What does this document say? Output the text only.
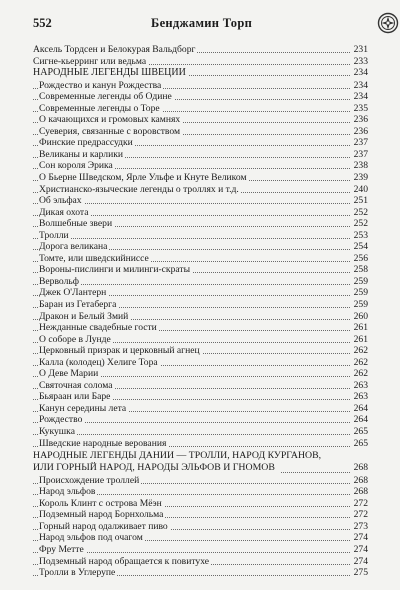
552	Бенджамин Торп
Аксель Тордсен и Белокурая Вальдборг	231
Сигне-кьерринг или ведьма	233
НАРОДНЫЕ ЛЕГЕНДЫ ШВЕЦИИ	234
Рождество и канун Рождества	234
Современные легенды об Одине	234
Современные легенды о Торе	235
О качающихся и громовых камнях	236
Суеверия, связанные с воровством	236
Финские предрассудки	237
Великаны и карлики	237
Сон короля Эрика	238
О Бьерне Шведском, Ярле Ульфе и Кнуте Великом	239
Христианско-языческие легенды о троллях и т.д.	240
Об эльфах	251
Дикая охота	252
Волшебные звери	252
Тролли	253
Дорога великана	254
Томте, или шведскийниссе	256
Вороны-пислинги и милинги-скраты	258
Вервольф	259
Джек О'Лантерн	259
Баран из Гетаберга	259
Дракон и Белый Змий	260
Нежданные свадебные гости	261
О соборе в Лунде	261
Церковный призрак и церковный агнец	262
Калла (колодец) Хелиге Тора	262
О Деве Марии	262
Святочная солома	263
Бьяраан или Баре	263
Канун середины лета	264
Рождество	264
Кукушка	265
Шведские народные верования	265
НАРОДНЫЕ ЛЕГЕНДЫ ДАНИИ — ТРОЛЛИ, НАРОД КУРГАНОВ,
ИЛИ ГОРНЫЙ НАРОД, НАРОДЫ ЭЛЬФОВ И ГНОМОВ	268
Происхождение троллей	268
Народ эльфов	268
Король Клинт с острова Мёэн	272
Подземный народ Борнхольма	272
Горный народ одалживает пиво	273
Народ эльфов под очагом	274
Фру Метте	274
Подземный народ обращается к повитухе	274
Тролли в Углерупе	275
